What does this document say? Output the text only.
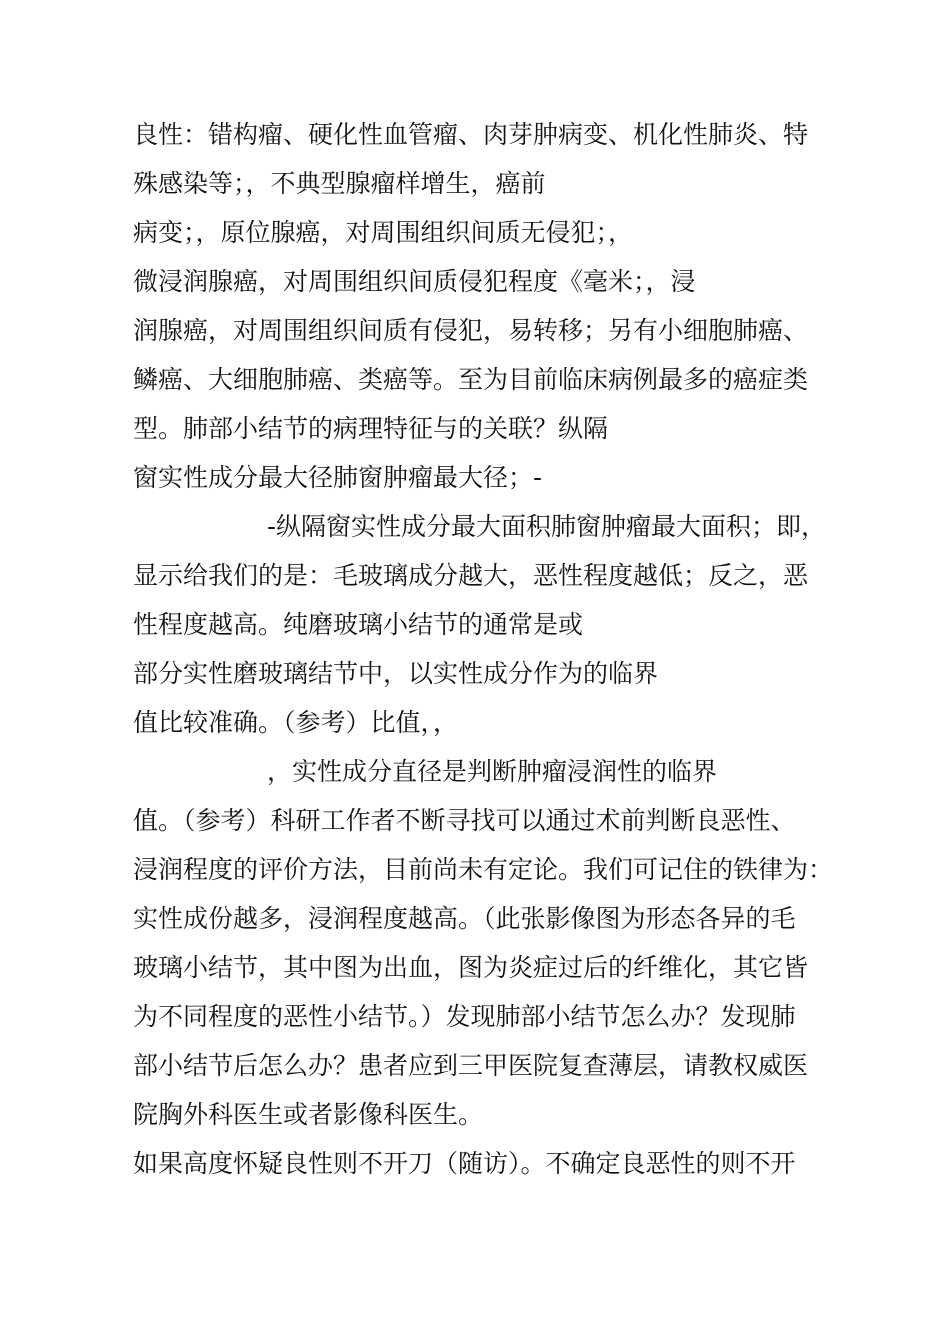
良性：错构瘤、硬化性血管瘤、肉芽肿病变、机化性肺炎、特

殊感染等；，不典型腺瘤样增生，癌前

病变；，原位腺癌，对周围组织间质无侵犯；，

微浸润腺癌，对周围组织间质侵犯程度《毫米；，浸

润腺癌，对周围组织间质有侵犯，易转移；另有小细胞肺癌、

鳞癌、大细胞肺癌、类癌等。至为目前临床病例最多的癌症类

型。肺部小结节的病理特征与的关联？纵隔

窗实性成分最大径肺窗肿瘤最大径；-

-纵隔窗实性成分最大面积肺窗肿瘤最大面积；即，

显示给我们的是：毛玻璃成分越大，恶性程度越低；反之，恶

性程度越高。纯磨玻璃小结节的通常是或

部分实性磨玻璃结节中，以实性成分作为的临界

值比较准确。（参考）比值，，

，实性成分直径是判断肿瘤浸润性的临界

值。（参考）科研工作者不断寻找可以通过术前判断良恶性、

浸润程度的评价方法，目前尚未有定论。我们可记住的铁律为：

实性成份越多，浸润程度越高。（此张影像图为形态各异的毛

玻璃小结节，其中图为出血，图为炎症过后的纤维化，其它皆

为不同程度的恶性小结节。）发现肺部小结节怎么办？发现肺

部小结节后怎么办？患者应到三甲医院复查薄层，请教权威医

院胸外科医生或者影像科医生。

如果高度怀疑良性则不开刀（随访）。不确定良恶性的则不开
